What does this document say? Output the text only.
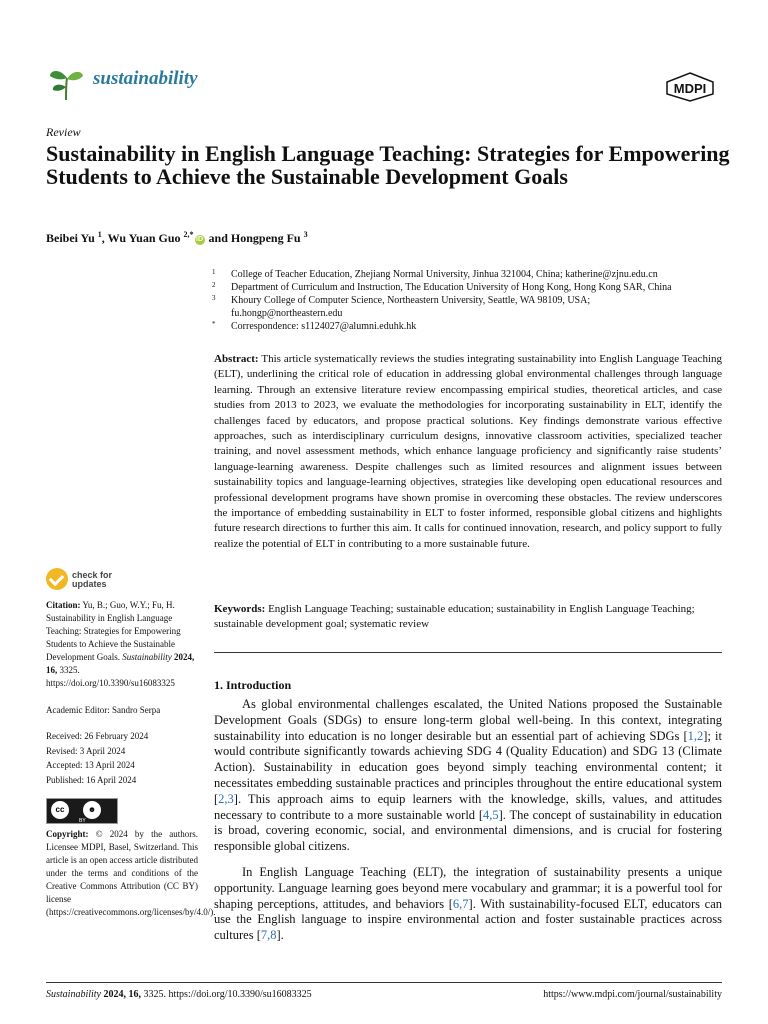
sustainability	MDPI
Review
Sustainability in English Language Teaching: Strategies for Empowering Students to Achieve the Sustainable Development Goals
Beibei Yu $^1$, Wu Yuan Guo $^{2,*}$iD and Hongpeng Fu $^3$
1 College of Teacher Education, Zhejiang Normal University, Jinhua 321004, China; katherine@zjnu.edu.cn
2 Department of Curriculum and Instruction, The Education University of Hong Kong, Hong Kong SAR, China
3 Khoury College of Computer Science, Northeastern University, Seattle, WA 98109, USA;
fu.hongp@northeastern.edu
* Correspondence: s1124027@alumni.eduhk.hk
Abstract: This article systematically reviews the studies integrating sustainability into English Language Teaching (ELT), underlining the critical role of education in addressing global environmental challenges through language learning. Through an extensive literature review encompassing empirical studies, theoretical articles, and case studies from 2013 to 2023, we evaluate the methodologies for incorporating sustainability in ELT, identify the challenges faced by educators, and propose practical solutions. Key findings demonstrate various effective approaches, such as interdisciplinary curriculum designs, innovative classroom activities, specialized teacher training, and novel assessment methods, which enhance language proficiency and significantly raise students’ language-learning awareness. Despite challenges such as limited resources and alignment issues between sustainability topics and language-learning objectives, strategies like developing open educational resources and professional development programs have shown promise in overcoming these obstacles. The review underscores the importance of embedding sustainability in ELT to foster informed, responsible global citizens and highlights future research directions to further this aim. It calls for continued innovation, research, and policy support to fully realize the potential of ELT in contributing to a more sustainable future.
Keywords: English Language Teaching; sustainable education; sustainability in English Language Teaching; sustainable development goal; systematic review
check for
updates
Citation: Yu, B.; Guo, W.Y.; Fu, H. Sustainability in English Language Teaching: Strategies for Empowering Students to Achieve the Sustainable Development Goals. Sustainability 2024, 16, 3325. https://doi.org/10.3390/su16083325
Academic Editor: Sandro Serpa
Received: 26 February 2024
Revised: 3 April 2024
Accepted: 13 April 2024
Published: 16 April 2024
cc	☻
BY
Copyright: © 2024 by the authors. Licensee MDPI, Basel, Switzerland. This article is an open access article distributed under the terms and conditions of the Creative Commons Attribution (CC BY) license (https://creativecommons.org/licenses/by/4.0/).
1. Introduction
As global environmental challenges escalated, the United Nations proposed the Sustainable Development Goals (SDGs) to ensure long-term global well-being. In this context, integrating sustainability into education is no longer desirable but an essential part of achieving SDGs [1,2]; it would contribute significantly towards achieving SDG 4 (Quality Education) and SDG 13 (Climate Action). Sustainability in education goes beyond simply teaching environmental content; it necessitates embedding sustainable practices and principles throughout the entire educational system [2,3]. This approach aims to equip learners with the knowledge, skills, values, and attitudes necessary to contribute to a more sustainable world [4,5]. The concept of sustainability in education is broad, covering economic, social, and environmental dimensions, and is crucial for fostering responsible global citizens.
In English Language Teaching (ELT), the integration of sustainability presents a unique opportunity. Language learning goes beyond mere vocabulary and grammar; it is a powerful tool for shaping perceptions, attitudes, and behaviors [6,7]. With sustainability-focused ELT, educators can use the English language to inspire environmental action and foster sustainable practices across cultures [7,8].
Sustainability 2024, 16, 3325. https://doi.org/10.3390/su16083325	https://www.mdpi.com/journal/sustainability
